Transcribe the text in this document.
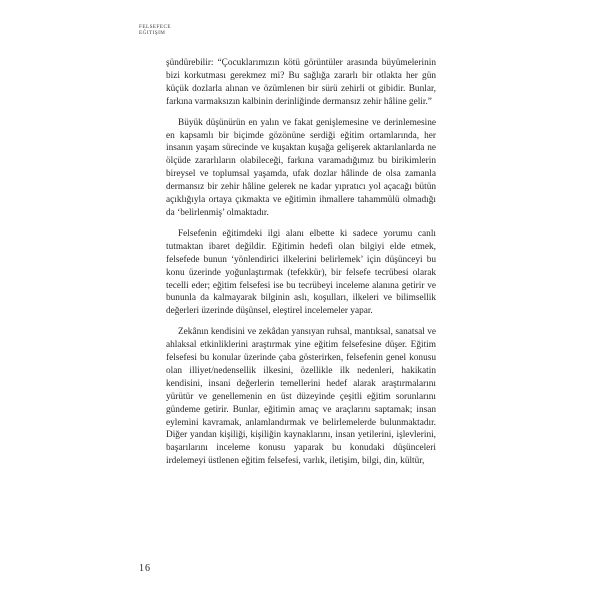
FELSEFECE
EĞITIŞIM

şündürebilir: “Çocuklarımızın kötü görüntüler arasında büyümelerinin bizi korkutması gerekmez mi? Bu sağlığa zararlı bir otlakta her gün küçük dozlarla alınan ve özümlenen bir sürü zehirli ot gibidir. Bunlar, farkına varmaksızın kalbinin derinliğinde dermansız zehir hâline gelir.”

Büyük düşünürün en yalın ve fakat genişlemesine ve derinlemesine en kapsamlı bir biçimde gözönüne serdiği eğitim ortamlarında, her insanın yaşam sürecinde ve kuşaktan kuşağa gelişerek aktarılanlarda ne ölçüde zararlıların olabileceği, farkına varamadığımız bu birikimlerin bireysel ve toplumsal yaşamda, ufak dozlar hâlinde de olsa zamanla dermansız bir zehir hâline gelerek ne kadar yıpratıcı yol açacağı bütün açıklığıyla ortaya çıkmakta ve eğitimin ihmallere tahammülü olmadığı da ‘belirlenmiş’ olmaktadır.

Felsefenin eğitimdeki ilgi alanı elbette ki sadece yorumu canlı tutmaktan ibaret değildir. Eğitimin hedefi olan bilgiyi elde etmek, felsefede bunun ‘yönlendirici ilkelerini belirlemek’ için düşünceyi bu konu üzerinde yoğunlaştırmak (tefekkür), bir felsefe tecrübesi olarak tecelli eder; eğitim felsefesi ise bu tecrübeyi inceleme alanına getirir ve bununla da kalmayarak bilginin aslı, koşulları, ilkeleri ve bilimsellik değerleri üzerinde düşünsel, eleştirel incelemeler yapar.

Zekânın kendisini ve zekâdan yansıyan ruhsal, mantıksal, sanatsal ve ahlaksal etkinliklerini araştırmak yine eğitim felsefesine düşer. Eğitim felsefesi bu konular üzerinde çaba gösterirken, felsefenin genel konusu olan illiyet/nedensellik ilkesini, özellikle ilk nedenleri, hakikatin kendisini, insani değerlerin temellerini hedef alarak araştırmalarını yürütür ve genellemenin en üst düzeyinde çeşitli eğitim sorunlarını gündeme getirir. Bunlar, eğitimin amaç ve araçlarını saptamak; insan eylemini kavramak, anlamlandırmak ve belirlemelerde bulunmaktadır. Diğer yandan kişiliği, kişiliğin kaynaklarını, insan yetilerini, işlevlerini, başarılarını inceleme konusu yaparak bu konudaki düşünceleri irdelemeyi üstlenen eğitim felsefesi, varlık, iletişim, bilgi, din, kültür,

16
